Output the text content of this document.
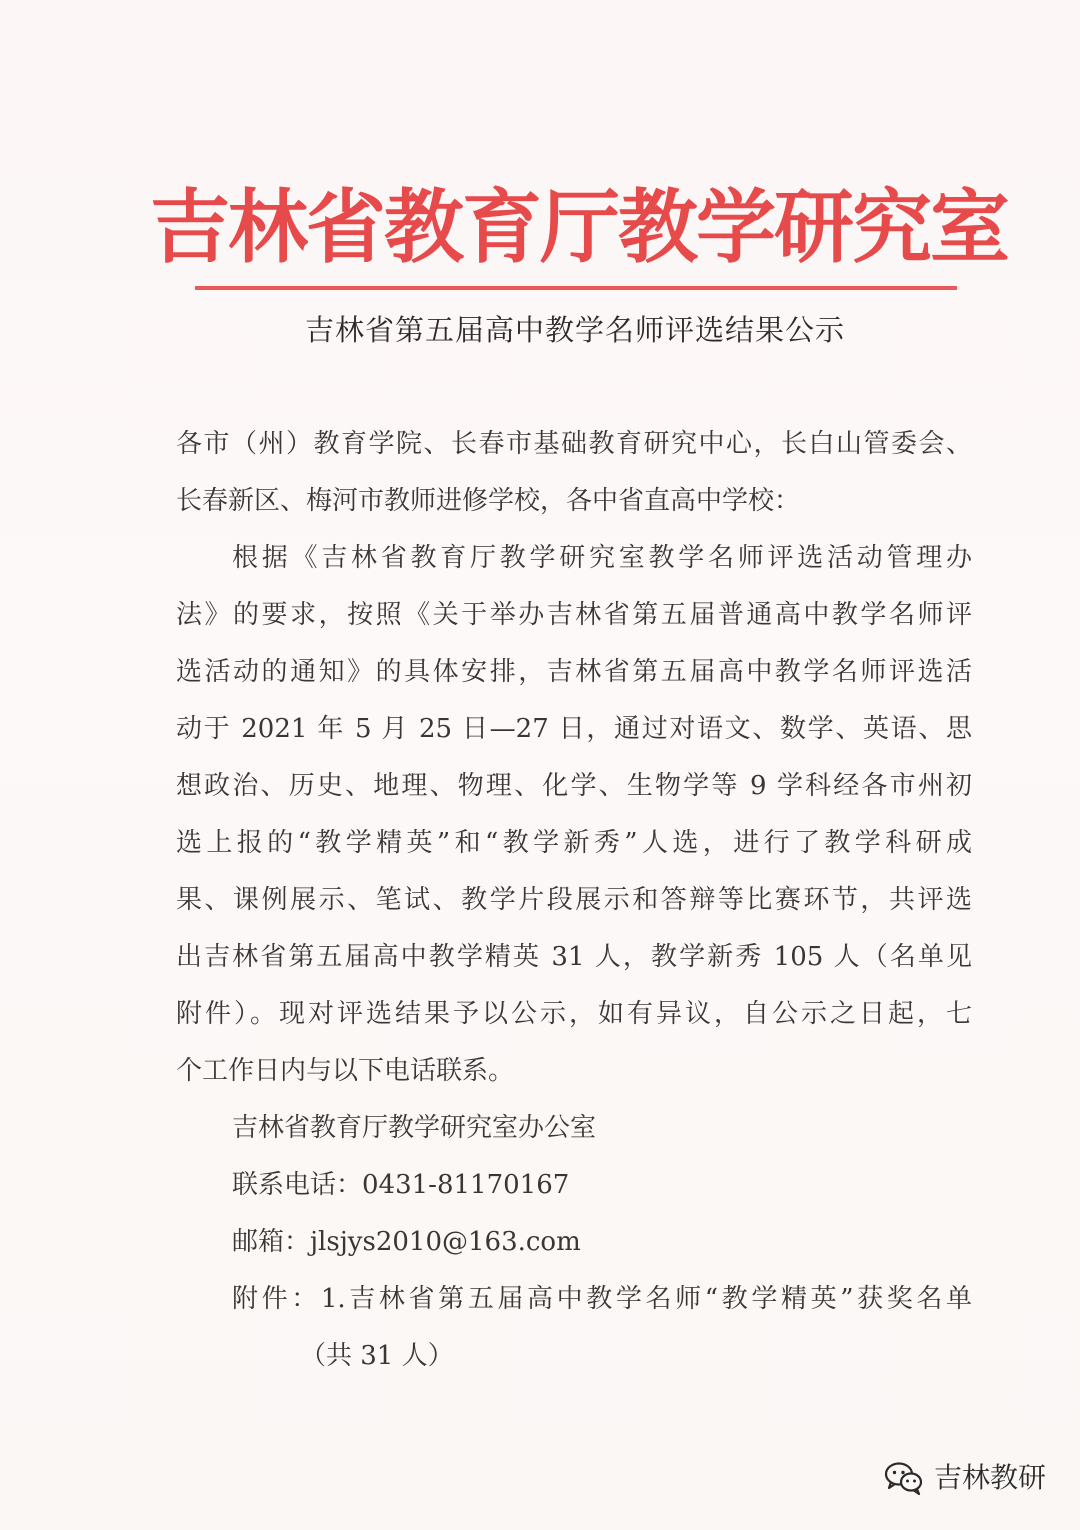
吉林省教育厅教学研究室
吉林省第五届高中教学名师评选结果公示
各市（州）教育学院、长春市基础教育研究中心，长白山管委会、
长春新区、梅河市教师进修学校，各中省直高中学校：
根据《吉林省教育厅教学研究室教学名师评选活动管理办
法》的要求，按照《关于举办吉林省第五届普通高中教学名师评
选活动的通知》的具体安排，吉林省第五届高中教学名师评选活
动于 2021 年 5 月 25 日—27 日，通过对语文、数学、英语、思
想政治、历史、地理、物理、化学、生物学等 9 学科经各市州初
选上报的“教学精英”和“教学新秀”人选，进行了教学科研成
果、课例展示、笔试、教学片段展示和答辩等比赛环节，共评选
出吉林省第五届高中教学精英 31 人，教学新秀 105 人（名单见
附件）。现对评选结果予以公示，如有异议，自公示之日起，七
个工作日内与以下电话联系。
吉林省教育厅教学研究室办公室
联系电话：0431-81170167
邮箱：jlsjys2010@163.com
附件：1.吉林省第五届高中教学名师“教学精英”获奖名单
（共 31 人）
吉林教研
